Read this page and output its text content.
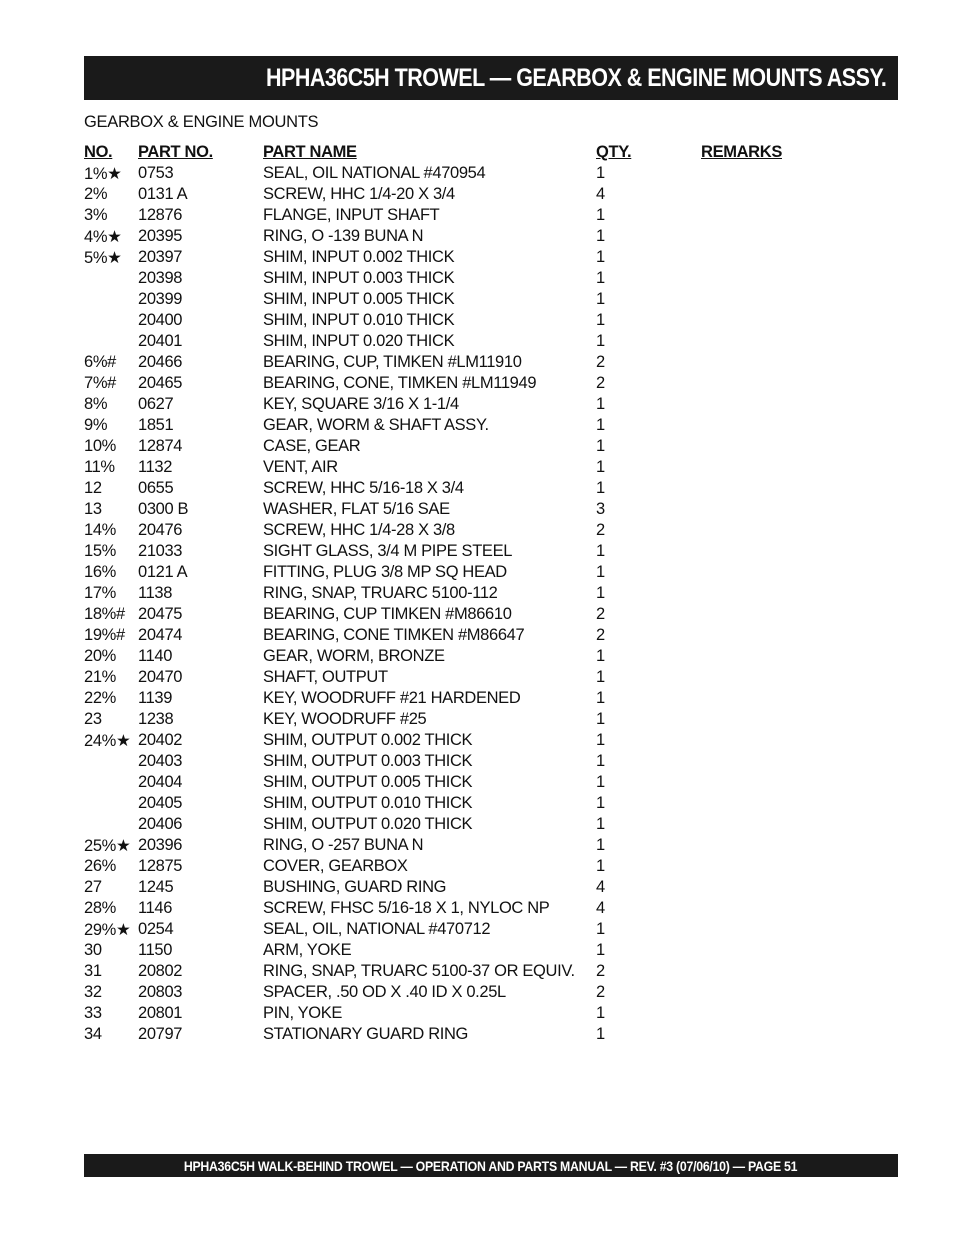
HPHA36C5H TROWEL — GEARBOX & ENGINE MOUNTS ASSY.
GEARBOX & ENGINE MOUNTS
NO.	PART NO.	PART NAME	QTY.	REMARKS
1%★	0753	SEAL, OIL NATIONAL #470954	1	
2%	0131 A	SCREW, HHC 1/4-20 X 3/4	4	
3%	12876	FLANGE, INPUT SHAFT	1	
4%★	20395	RING, O -139 BUNA N	1	
5%★	20397	SHIM, INPUT 0.002 THICK	1	
	20398	SHIM, INPUT 0.003 THICK	1	
	20399	SHIM, INPUT 0.005 THICK	1	
	20400	SHIM, INPUT 0.010 THICK	1	
	20401	SHIM, INPUT 0.020 THICK	1	
6%#	20466	BEARING, CUP, TIMKEN #LM11910	2	
7%#	20465	BEARING, CONE, TIMKEN #LM11949	2	
8%	0627	KEY, SQUARE 3/16 X 1-1/4	1	
9%	1851	GEAR, WORM & SHAFT ASSY.	1	
10%	12874	CASE, GEAR	1	
11%	1132	VENT, AIR	1	
12	0655	SCREW, HHC 5/16-18 X 3/4	1	
13	0300 B	WASHER, FLAT 5/16 SAE	3	
14%	20476	SCREW, HHC 1/4-28 X 3/8	2	
15%	21033	SIGHT GLASS, 3/4 M PIPE STEEL	1	
16%	0121 A	FITTING, PLUG 3/8 MP SQ HEAD	1	
17%	1138	RING, SNAP, TRUARC 5100-112	1	
18%#	20475	BEARING, CUP TIMKEN #M86610	2	
19%#	20474	BEARING, CONE TIMKEN #M86647	2	
20%	1140	GEAR, WORM, BRONZE	1	
21%	20470	SHAFT, OUTPUT	1	
22%	1139	KEY, WOODRUFF #21 HARDENED	1	
23	1238	KEY, WOODRUFF #25	1	
24%★	20402	SHIM, OUTPUT 0.002 THICK	1	
	20403	SHIM, OUTPUT 0.003 THICK	1	
	20404	SHIM, OUTPUT 0.005 THICK	1	
	20405	SHIM, OUTPUT 0.010 THICK	1	
	20406	SHIM, OUTPUT 0.020 THICK	1	
25%★	20396	RING, O -257 BUNA N	1	
26%	12875	COVER, GEARBOX	1	
27	1245	BUSHING, GUARD RING	4	
28%	1146	SCREW, FHSC 5/16-18 X 1, NYLOC NP	4	
29%★	0254	SEAL, OIL, NATIONAL #470712	1	
30	1150	ARM, YOKE	1	
31	20802	RING, SNAP, TRUARC 5100-37 OR EQUIV.	2	
32	20803	SPACER, .50 OD X .40 ID X 0.25L	2	
33	20801	PIN, YOKE	1	
34	20797	STATIONARY GUARD RING	1	
HPHA36C5H WALK-BEHIND TROWEL — OPERATION AND PARTS MANUAL — REV. #3 (07/06/10) — PAGE 51
